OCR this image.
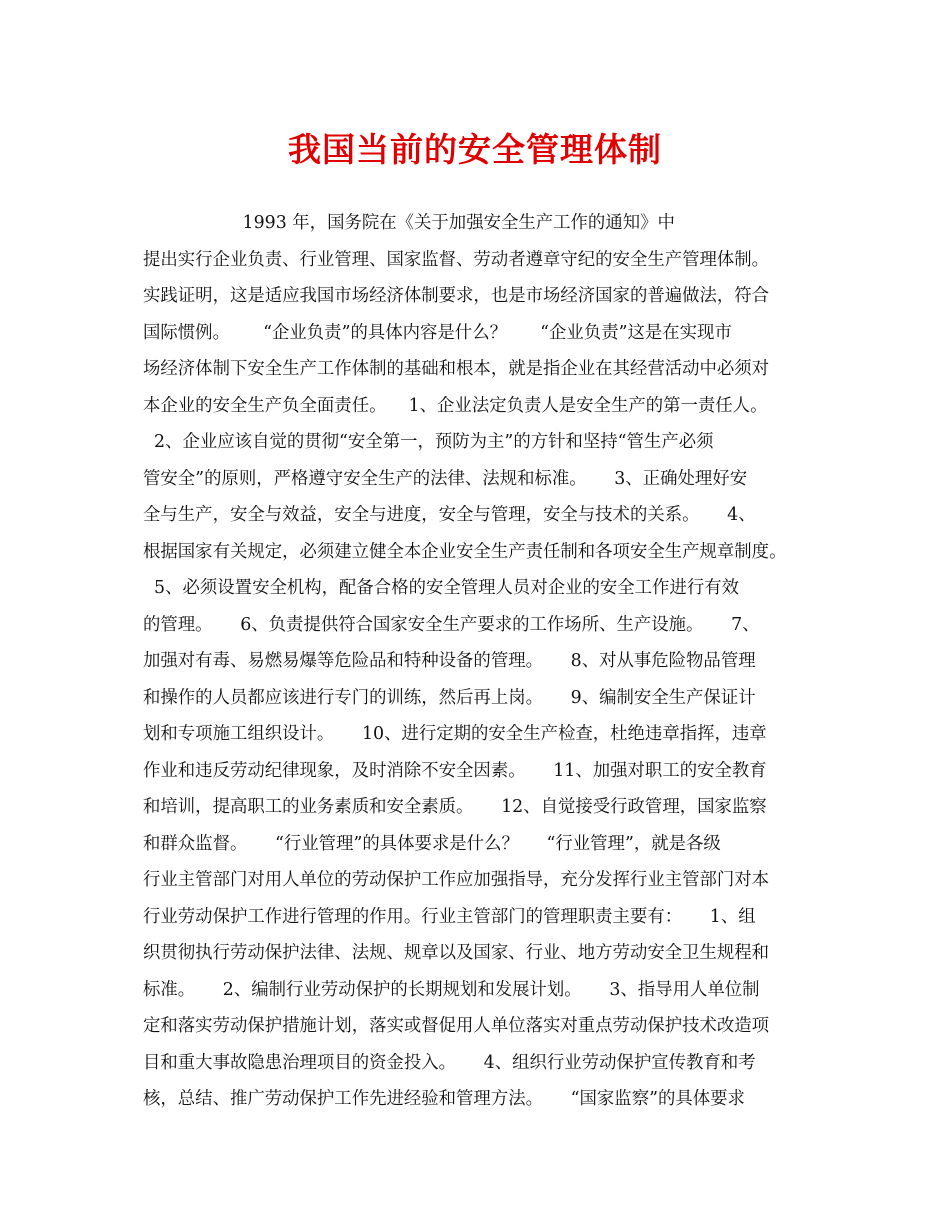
我国当前的安全管理体制
1993 年，国务院在《关于加强安全生产工作的通知》中
提出实行企业负责、行业管理、国家监督、劳动者遵章守纪的安全生产管理体制。
实践证明，这是适应我国市场经济体制要求，也是市场经济国家的普遍做法，符合
国际惯例。      “企业负责”的具体内容是什么？      “企业负责”这是在实现市
场经济体制下安全生产工作体制的基础和根本，就是指企业在其经营活动中必须对
本企业的安全生产负全面责任。    1、企业法定负责人是安全生产的第一责任人。
2、企业应该自觉的贯彻“安全第一，预防为主”的方针和坚持“管生产必须
管安全”的原则，严格遵守安全生产的法律、法规和标准。     3、正确处理好安
全与生产，安全与效益，安全与进度，安全与管理，安全与技术的关系。     4、
根据国家有关规定，必须建立健全本企业安全生产责任制和各项安全生产规章制度。
5、必须设置安全机构，配备合格的安全管理人员对企业的安全工作进行有效
的管理。     6、负责提供符合国家安全生产要求的工作场所、生产设施。     7、
加强对有毒、易燃易爆等危险品和特种设备的管理。     8、对从事危险物品管理
和操作的人员都应该进行专门的训练，然后再上岗。     9、编制安全生产保证计
划和专项施工组织设计。     10、进行定期的安全生产检查，杜绝违章指挥，违章
作业和违反劳动纪律现象，及时消除不安全因素。     11、加强对职工的安全教育
和培训，提高职工的业务素质和安全素质。     12、自觉接受行政管理，国家监察
和群众监督。     “行业管理”的具体要求是什么？     “行业管理”，就是各级
行业主管部门对用人单位的劳动保护工作应加强指导，充分发挥行业主管部门对本
行业劳动保护工作进行管理的作用。行业主管部门的管理职责主要有：     1、组
织贯彻执行劳动保护法律、法规、规章以及国家、行业、地方劳动安全卫生规程和
标准。     2、编制行业劳动保护的长期规划和发展计划。     3、指导用人单位制
定和落实劳动保护措施计划，落实或督促用人单位落实对重点劳动保护技术改造项
目和重大事故隐患治理项目的资金投入。     4、组织行业劳动保护宣传教育和考
核，总结、推广劳动保护工作先进经验和管理方法。     “国家监察”的具体要求
